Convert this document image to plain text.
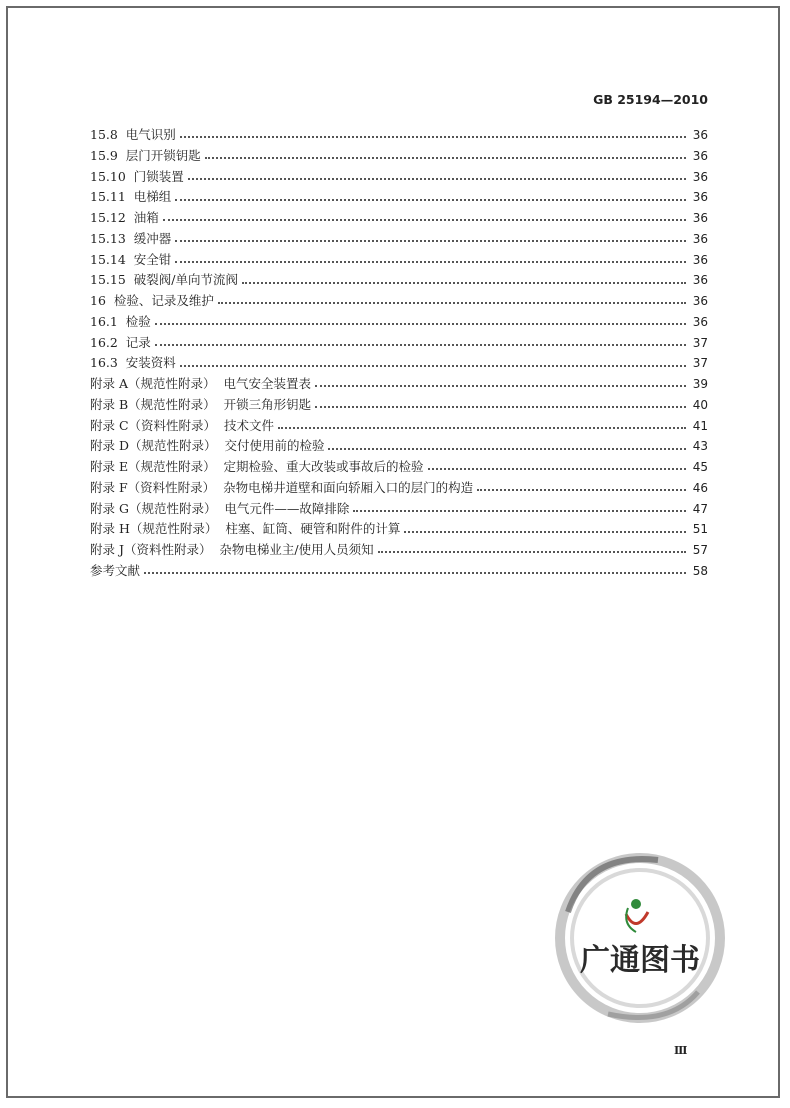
GB 25194—2010
15.8  电气识别	36
15.9  层门开锁钥匙	36
15.10  门锁装置	36
15.11  电梯组	36
15.12  油箱	36
15.13  缓冲器	36
15.14  安全钳	36
15.15  破裂阀/单向节流阀	36
16  检验、记录及维护	36
16.1  检验	36
16.2  记录	37
16.3  安装资料	37
附录 A（规范性附录）  电气安全装置表	39
附录 B（规范性附录）  开锁三角形钥匙	40
附录 C（资料性附录）  技术文件	41
附录 D（规范性附录）  交付使用前的检验	43
附录 E（规范性附录）  定期检验、重大改装或事故后的检验	45
附录 F（资料性附录）  杂物电梯井道壁和面向轿厢入口的层门的构造	46
附录 G（规范性附录）  电气元件——故障排除	47
附录 H（规范性附录）  柱塞、缸筒、硬管和附件的计算	51
附录 J（资料性附录）  杂物电梯业主/使用人员须知	57
参考文献	58
广通图书
Ⅲ
